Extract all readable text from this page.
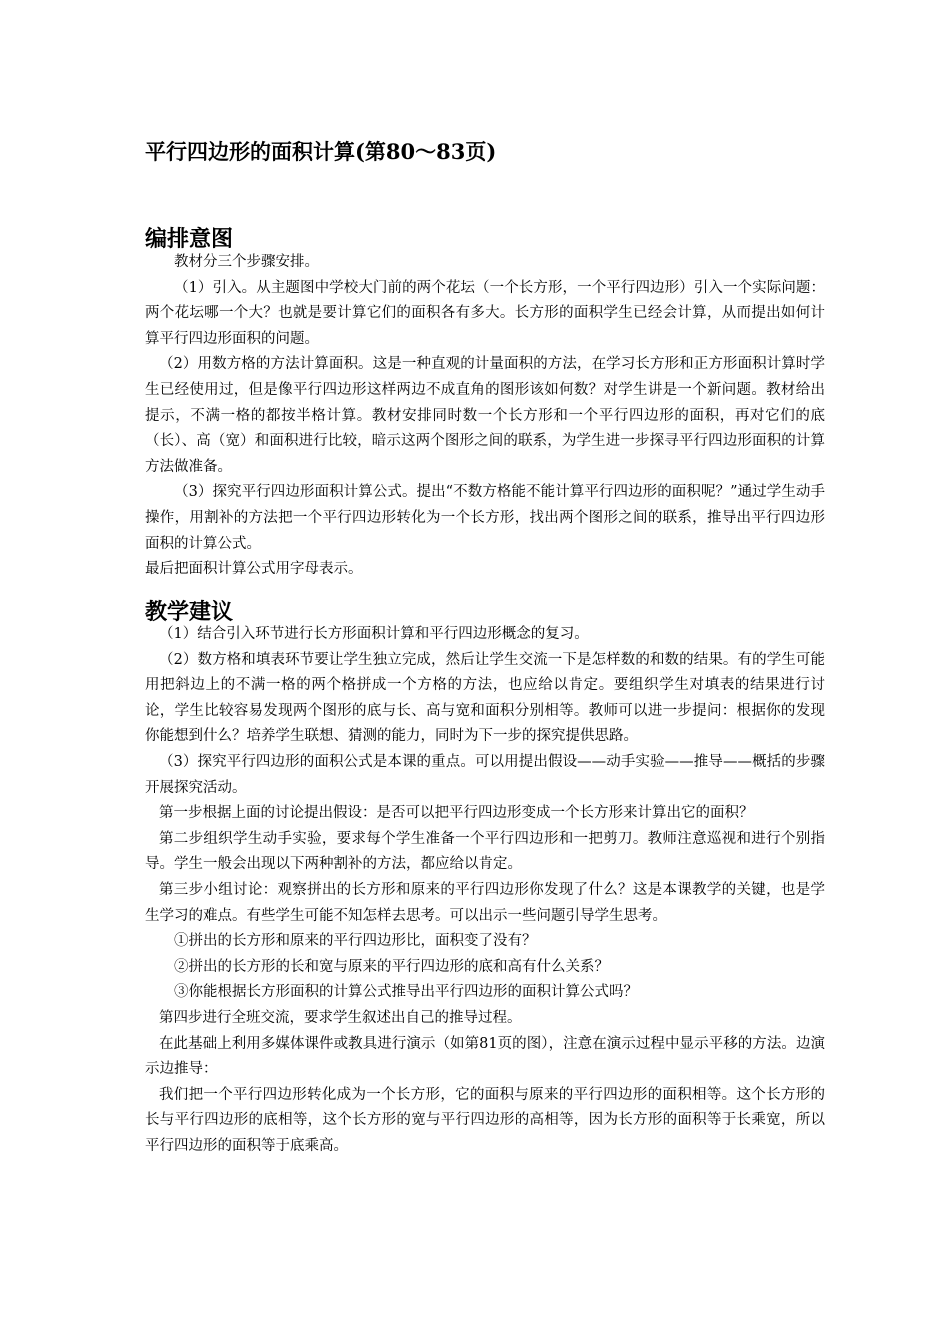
平行四边形的面积计算(第80～83页)
编排意图

教材分三个步骤安排。

（1）引入。从主题图中学校大门前的两个花坛（一个长方形，一个平行四边形）引入一个实际问题：两个花坛哪一个大？也就是要计算它们的面积各有多大。长方形的面积学生已经会计算，从而提出如何计算平行四边形面积的问题。

（2）用数方格的方法计算面积。这是一种直观的计量面积的方法，在学习长方形和正方形面积计算时学生已经使用过，但是像平行四边形这样两边不成直角的图形该如何数？对学生讲是一个新问题。教材给出提示，不满一格的都按半格计算。教材安排同时数一个长方形和一个平行四边形的面积，再对它们的底（长）、高（宽）和面积进行比较，暗示这两个图形之间的联系，为学生进一步探寻平行四边形面积的计算方法做准备。

（3）探究平行四边形面积计算公式。提出“不数方格能不能计算平行四边形的面积呢？”通过学生动手操作，用割补的方法把一个平行四边形转化为一个长方形，找出两个图形之间的联系，推导出平行四边形面积的计算公式。

最后把面积计算公式用字母表示。

教学建议

（1）结合引入环节进行长方形面积计算和平行四边形概念的复习。

（2）数方格和填表环节要让学生独立完成，然后让学生交流一下是怎样数的和数的结果。有的学生可能用把斜边上的不满一格的两个格拼成一个方格的方法，也应给以肯定。要组织学生对填表的结果进行讨论，学生比较容易发现两个图形的底与长、高与宽和面积分别相等。教师可以进一步提问：根据你的发现你能想到什么？培养学生联想、猜测的能力，同时为下一步的探究提供思路。

（3）探究平行四边形的面积公式是本课的重点。可以用提出假设——动手实验——推导——概括的步骤开展探究活动。

第一步根据上面的讨论提出假设：是否可以把平行四边形变成一个长方形来计算出它的面积？

第二步组织学生动手实验，要求每个学生准备一个平行四边形和一把剪刀。教师注意巡视和进行个别指导。学生一般会出现以下两种割补的方法，都应给以肯定。

第三步小组讨论：观察拼出的长方形和原来的平行四边形你发现了什么？这是本课教学的关键，也是学生学习的难点。有些学生可能不知怎样去思考。可以出示一些问题引导学生思考。

①拼出的长方形和原来的平行四边形比，面积变了没有？

②拼出的长方形的长和宽与原来的平行四边形的底和高有什么关系？

③你能根据长方形面积的计算公式推导出平行四边形的面积计算公式吗？

第四步进行全班交流，要求学生叙述出自己的推导过程。

在此基础上利用多媒体课件或教具进行演示（如第81页的图），注意在演示过程中显示平移的方法。边演示边推导：

我们把一个平行四边形转化成为一个长方形，它的面积与原来的平行四边形的面积相等。这个长方形的长与平行四边形的底相等，这个长方形的宽与平行四边形的高相等，因为长方形的面积等于长乘宽，所以平行四边形的面积等于底乘高。
